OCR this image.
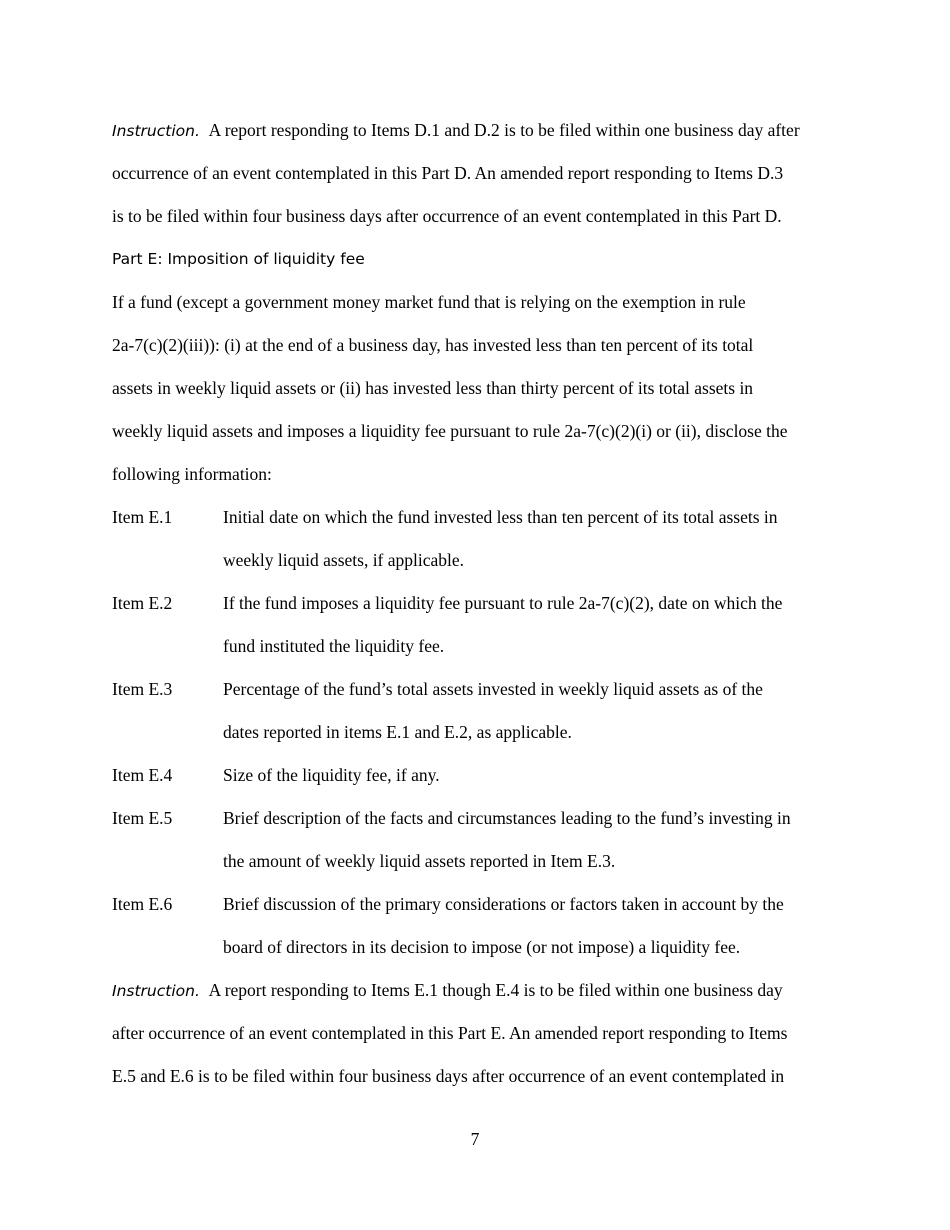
Instruction. A report responding to Items D.1 and D.2 is to be filed within one business day after
occurrence of an event contemplated in this Part D. An amended report responding to Items D.3
is to be filed within four business days after occurrence of an event contemplated in this Part D.
Part E: Imposition of liquidity fee
If a fund (except a government money market fund that is relying on the exemption in rule
2a-7(c)(2)(iii)): (i) at the end of a business day, has invested less than ten percent of its total
assets in weekly liquid assets or (ii) has invested less than thirty percent of its total assets in
weekly liquid assets and imposes a liquidity fee pursuant to rule 2a-7(c)(2)(i) or (ii), disclose the
following information:
Item E.1	Initial date on which the fund invested less than ten percent of its total assets in
weekly liquid assets, if applicable.
Item E.2	If the fund imposes a liquidity fee pursuant to rule 2a-7(c)(2), date on which the
fund instituted the liquidity fee.
Item E.3	Percentage of the fund’s total assets invested in weekly liquid assets as of the
dates reported in items E.1 and E.2, as applicable.
Item E.4	Size of the liquidity fee, if any.
Item E.5	Brief description of the facts and circumstances leading to the fund’s investing in
the amount of weekly liquid assets reported in Item E.3.
Item E.6	Brief discussion of the primary considerations or factors taken in account by the
board of directors in its decision to impose (or not impose) a liquidity fee.
Instruction. A report responding to Items E.1 though E.4 is to be filed within one business day
after occurrence of an event contemplated in this Part E. An amended report responding to Items
E.5 and E.6 is to be filed within four business days after occurrence of an event contemplated in
7
